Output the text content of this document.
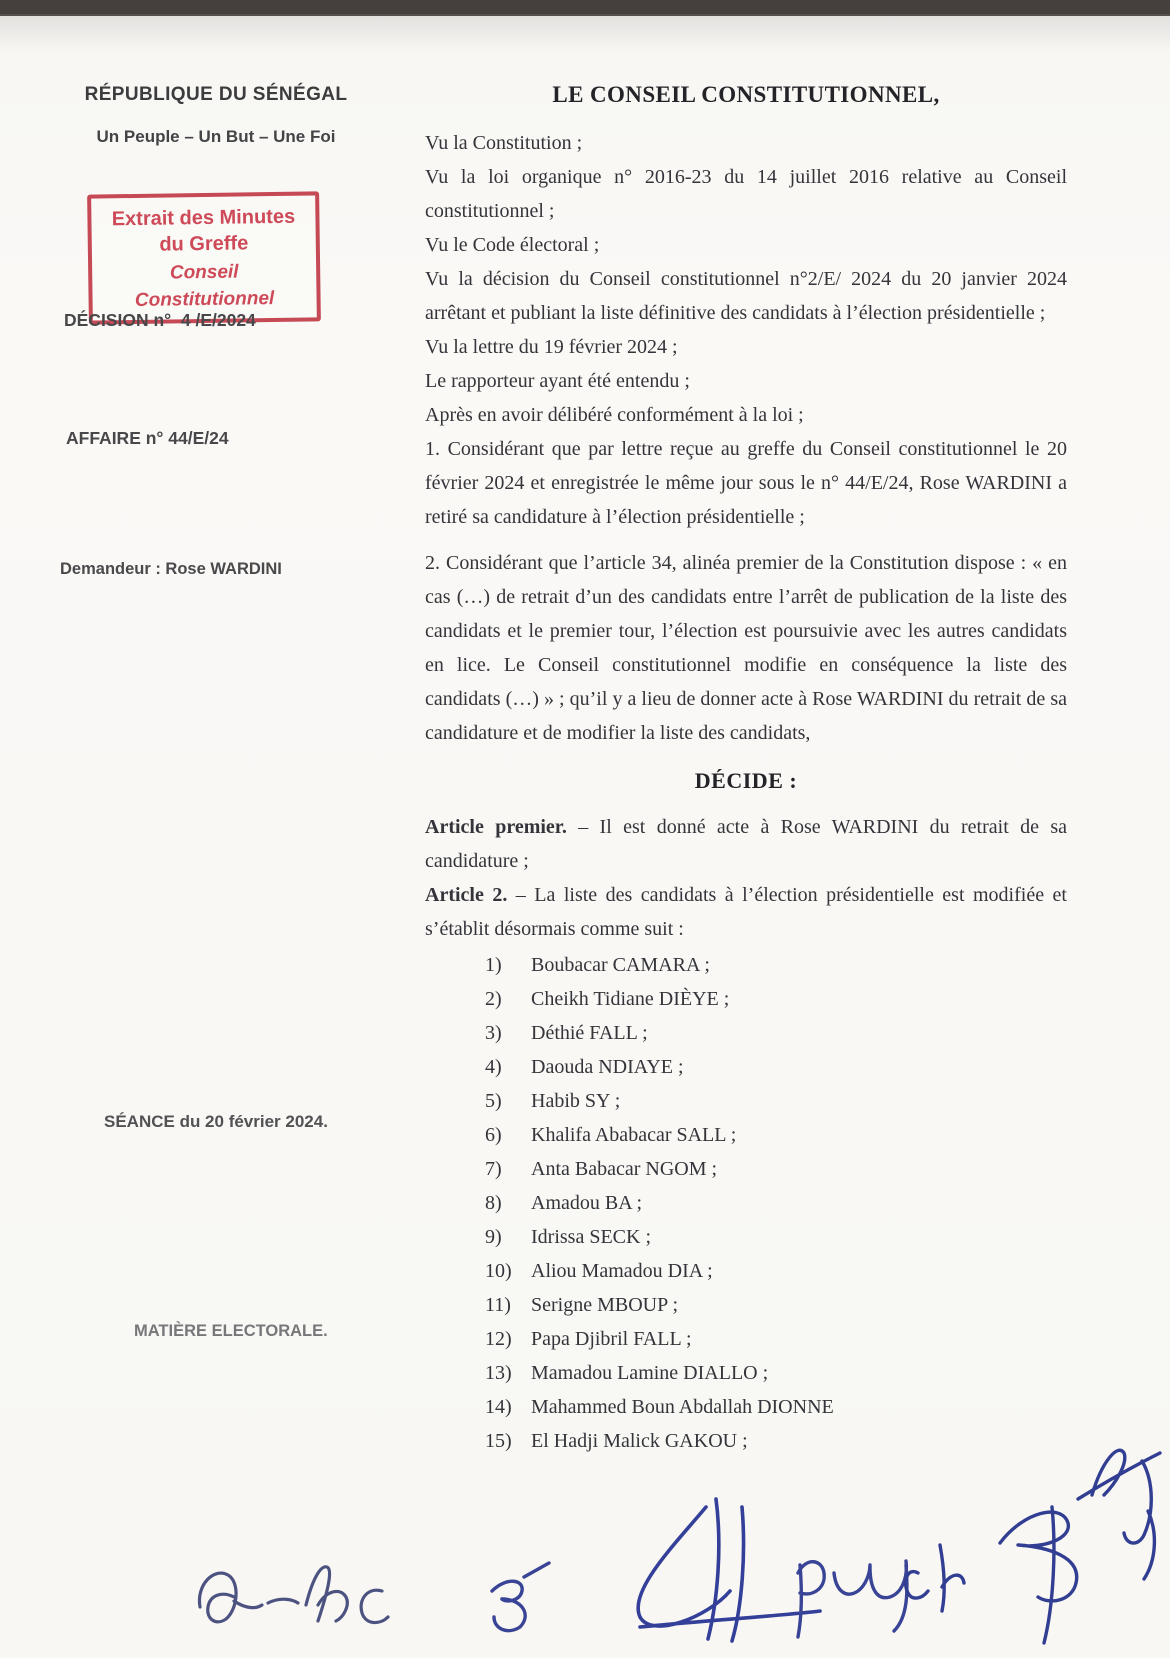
RÉPUBLIQUE DU SÉNÉGAL
Un Peuple – Un But – Une Foi
Extrait des Minutes
du Greffe
Conseil Constitutionnel
DÉCISION n°  4 /E/2024
AFFAIRE n° 44/E/24
Demandeur : Rose WARDINI
SÉANCE du 20 février 2024.
MATIÈRE ELECTORALE.
LE CONSEIL CONSTITUTIONNEL,

Vu la Constitution ;

Vu la loi organique n° 2016-23 du 14 juillet 2016 relative au Conseil constitutionnel ;

Vu le Code électoral ;

Vu la décision du Conseil constitutionnel n°2/E/ 2024 du 20 janvier 2024 arrêtant et publiant la liste définitive des candidats à l’élection présidentielle ;

Vu la lettre du 19 février 2024 ;

Le rapporteur ayant été entendu ;

Après en avoir délibéré conformément à la loi ;

1. Considérant que par lettre reçue au greffe du Conseil constitutionnel le 20 février 2024 et enregistrée le même jour sous le n° 44/E/24, Rose WARDINI a retiré sa candidature à l’élection présidentielle ;

2. Considérant que l’article 34, alinéa premier de la Constitution dispose : « en cas (…) de retrait d’un des candidats entre l’arrêt de publication de la liste des candidats et le premier tour, l’élection est poursuivie avec les autres candidats en lice. Le Conseil constitutionnel modifie en conséquence la liste des candidats (…) » ; qu’il y a lieu de donner acte à Rose WARDINI du retrait de sa candidature et de modifier la liste des candidats,

DÉCIDE :

Article premier. – Il est donné acte à Rose WARDINI du retrait de sa candidature ;

Article 2. – La liste des candidats à l’élection présidentielle est modifiée et s’établit désormais comme suit :

1) Boubacar CAMARA ;
2) Cheikh Tidiane DIÈYE ;
3) Déthié FALL ;
4) Daouda NDIAYE ;
5) Habib SY ;
6) Khalifa Ababacar SALL ;
7) Anta Babacar NGOM ;
8) Amadou BA ;
9) Idrissa SECK ;
10) Aliou Mamadou DIA ;
11) Serigne MBOUP ;
12) Papa Djibril FALL ;
13) Mamadou Lamine DIALLO ;
14) Mahammed Boun Abdallah DIONNE
15) El Hadji Malick GAKOU ;
